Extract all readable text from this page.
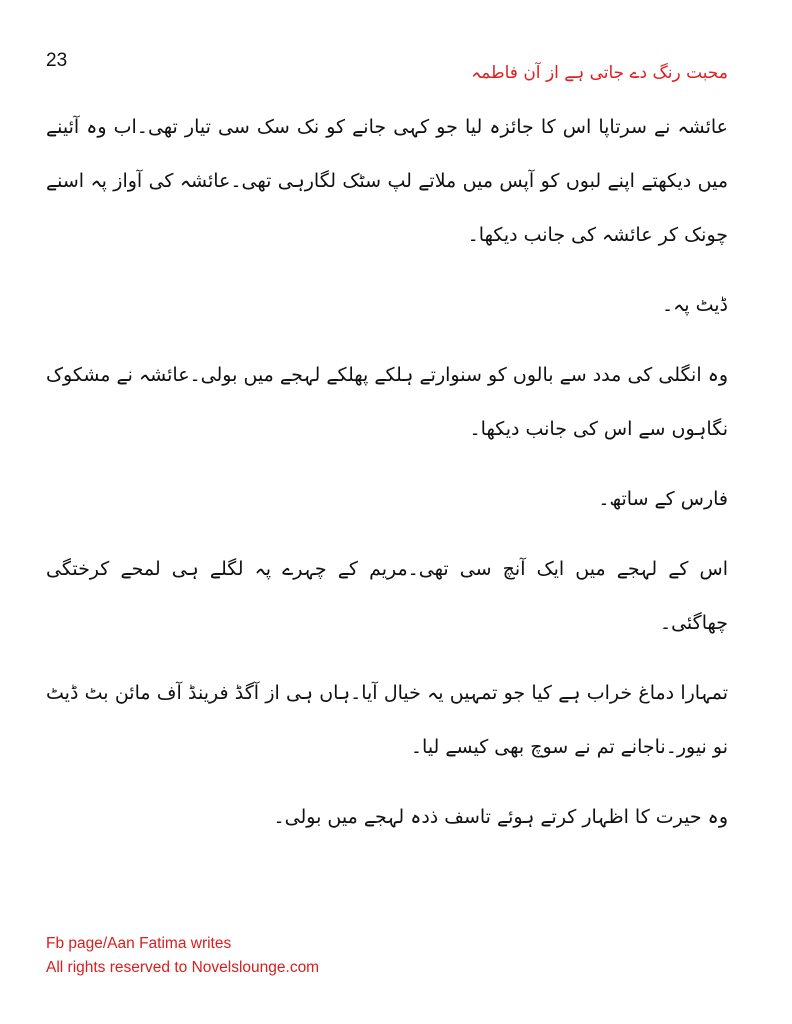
23
محبت رنگ دے جاتی ہے از آن فاطمہ

عائشہ نے سرتاپا اس کا جائزہ لیا جو کہی جانے کو نک سک سی تیار تھی۔اب وہ آئینے میں دیکھتے اپنے لبوں کو آپس میں ملاتے لپ سٹک لگارہی تھی۔عائشہ کی آواز پہ اسنے چونک کر عائشہ کی جانب دیکھا۔

ڈیٹ پہ۔

وہ انگلی کی مدد سے بالوں کو سنوارتے ہلکے پھلکے لہجے میں بولی۔عائشہ نے مشکوک نگاہوں سے اس کی جانب دیکھا۔

فارس کے ساتھ۔

اس کے لہجے میں ایک آنچ سی تھی۔مریم کے چہرے پہ لگلے ہی لمحے کرختگی چھاگئی۔

تمہارا دماغ خراب ہے کیا جو تمہیں یہ خیال آیا۔ہاں ہی از آگڈ فرینڈ آف مائن بٹ ڈیٹ نو نیور۔ناجانے تم نے سوچ بھی کیسے لیا۔

وہ حیرت کا اظہار کرتے ہوئے تاسف ذدہ لہجے میں بولی۔

Fb page/Aan Fatima writes
All rights reserved to Novelslounge.com
